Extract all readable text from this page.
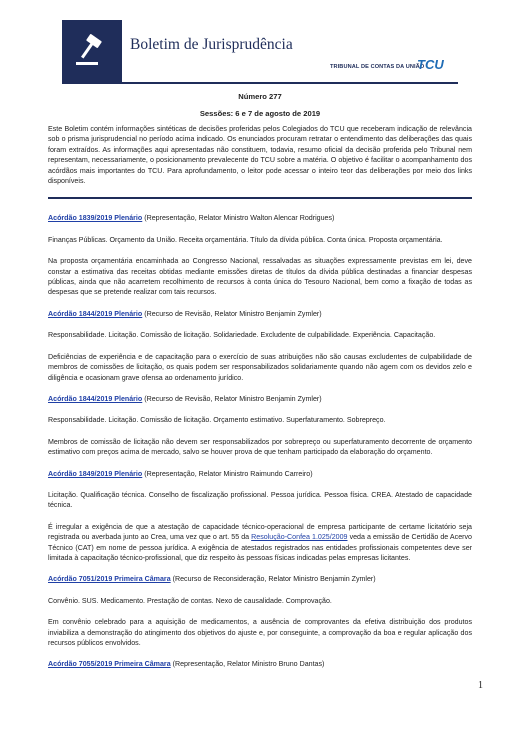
Boletim de Jurisprudência
TRIBUNAL DE CONTAS DA UNIÃO
TCU
Número 277
Sessões: 6 e 7 de agosto de 2019

Este Boletim contém informações sintéticas de decisões proferidas pelos Colegiados do TCU que receberam indicação de relevância sob o prisma jurisprudencial no período acima indicado. Os enunciados procuram retratar o entendimento das deliberações das quais foram extraídos. As informações aqui apresentadas não constituem, todavia, resumo oficial da decisão proferida pelo Tribunal nem representam, necessariamente, o posicionamento prevalecente do TCU sobre a matéria. O objetivo é facilitar o acompanhamento dos acórdãos mais importantes do TCU. Para aprofundamento, o leitor pode acessar o inteiro teor das deliberações por meio dos links disponíveis.

Acórdão 1839/2019 Plenário (Representação, Relator Ministro Walton Alencar Rodrigues)

Finanças Públicas. Orçamento da União. Receita orçamentária. Título da dívida pública. Conta única. Proposta orçamentária.

Na proposta orçamentária encaminhada ao Congresso Nacional, ressalvadas as situações expressamente previstas em lei, deve constar a estimativa das receitas obtidas mediante emissões diretas de títulos da dívida pública destinadas a financiar despesas públicas, ainda que não acarretem recolhimento de recursos à conta única do Tesouro Nacional, bem como a fixação de todas as despesas que se pretende realizar com tais recursos.

Acórdão 1844/2019 Plenário (Recurso de Revisão, Relator Ministro Benjamin Zymler)

Responsabilidade. Licitação. Comissão de licitação. Solidariedade. Excludente de culpabilidade. Experiência. Capacitação.

Deficiências de experiência e de capacitação para o exercício de suas atribuições não são causas excludentes de culpabilidade de membros de comissões de licitação, os quais podem ser responsabilizados solidariamente quando não agem com os devidos zelo e diligência e ocasionam grave ofensa ao ordenamento jurídico.

Acórdão 1844/2019 Plenário (Recurso de Revisão, Relator Ministro Benjamin Zymler)

Responsabilidade. Licitação. Comissão de licitação. Orçamento estimativo. Superfaturamento. Sobrepreço.

Membros de comissão de licitação não devem ser responsabilizados por sobrepreço ou superfaturamento decorrente de orçamento estimativo com preços acima de mercado, salvo se houver prova de que tenham participado da elaboração do orçamento.

Acórdão 1849/2019 Plenário (Representação, Relator Ministro Raimundo Carreiro)

Licitação. Qualificação técnica. Conselho de fiscalização profissional. Pessoa jurídica. Pessoa física. CREA. Atestado de capacidade técnica.

É irregular a exigência de que a atestação de capacidade técnico-operacional de empresa participante de certame licitatório seja registrada ou averbada junto ao Crea, uma vez que o art. 55 da Resolução-Confea 1.025/2009 veda a emissão de Certidão de Acervo Técnico (CAT) em nome de pessoa jurídica. A exigência de atestados registrados nas entidades profissionais competentes deve ser limitada à capacitação técnico-profissional, que diz respeito às pessoas físicas indicadas pelas empresas licitantes.

Acórdão 7051/2019 Primeira Câmara (Recurso de Reconsideração, Relator Ministro Benjamin Zymler)

Convênio. SUS. Medicamento. Prestação de contas. Nexo de causalidade. Comprovação.

Em convênio celebrado para a aquisição de medicamentos, a ausência de comprovantes da efetiva distribuição dos produtos inviabiliza a demonstração do atingimento dos objetivos do ajuste e, por conseguinte, a comprovação da boa e regular aplicação dos recursos públicos envolvidos.

Acórdão 7055/2019 Primeira Câmara (Representação, Relator Ministro Bruno Dantas)

1
